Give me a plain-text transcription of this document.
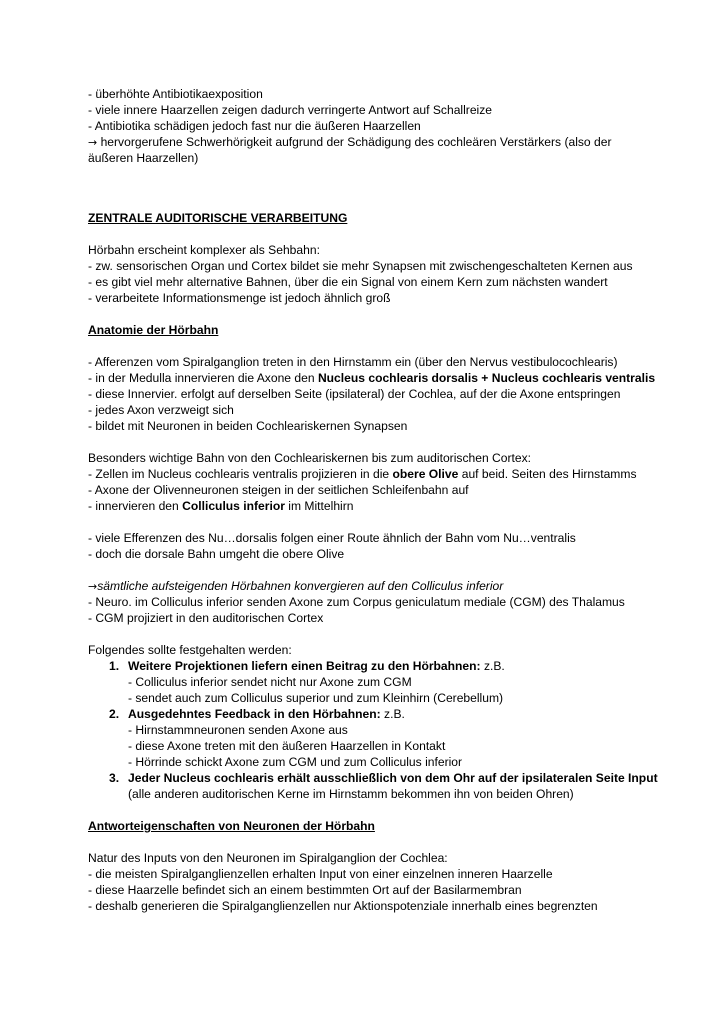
- überhöhte Antibiotikaexposition
- viele innere Haarzellen zeigen dadurch verringerte Antwort auf Schallreize
- Antibiotika schädigen jedoch fast nur die äußeren Haarzellen
→ hervorgerufene Schwerhörigkeit aufgrund der Schädigung des cochleären Verstärkers (also der
äußeren Haarzellen)
ZENTRALE AUDITORISCHE VERARBEITUNG
Hörbahn erscheint komplexer als Sehbahn:
- zw. sensorischen Organ und Cortex bildet sie mehr Synapsen mit zwischengeschalteten Kernen aus
- es gibt viel mehr alternative Bahnen, über die ein Signal von einem Kern zum nächsten wandert
- verarbeitete Informationsmenge ist jedoch ähnlich groß
Anatomie der Hörbahn
- Afferenzen vom Spiralganglion treten in den Hirnstamm ein (über den Nervus vestibulocochlearis)
- in der Medulla innervieren die Axone den Nucleus cochlearis dorsalis + Nucleus cochlearis ventralis
- diese Innervier. erfolgt auf derselben Seite (ipsilateral) der Cochlea, auf der die Axone entspringen
- jedes Axon verzweigt sich
- bildet mit Neuronen in beiden Cochleariskernen Synapsen
Besonders wichtige Bahn von den Cochleariskernen bis zum auditorischen Cortex:
- Zellen im Nucleus cochlearis ventralis projizieren in die obere Olive auf beid. Seiten des Hirnstamms
- Axone der Olivenneuronen steigen in der seitlichen Schleifenbahn auf
- innervieren den Colliculus inferior im Mittelhirn
- viele Efferenzen des Nu…dorsalis folgen einer Route ähnlich der Bahn vom Nu…ventralis
- doch die dorsale Bahn umgeht die obere Olive
→sämtliche aufsteigenden Hörbahnen konvergieren auf den Colliculus inferior
- Neuro. im Colliculus inferior senden Axone zum Corpus geniculatum mediale (CGM) des Thalamus
- CGM projiziert in den auditorischen Cortex
Folgendes sollte festgehalten werden:
1. Weitere Projektionen liefern einen Beitrag zu den Hörbahnen: z.B.
- Colliculus inferior sendet nicht nur Axone zum CGM
- sendet auch zum Colliculus superior und zum Kleinhirn (Cerebellum)
2. Ausgedehntes Feedback in den Hörbahnen: z.B.
- Hirnstammneuronen senden Axone aus
- diese Axone treten mit den äußeren Haarzellen in Kontakt
- Hörrinde schickt Axone zum CGM und zum Colliculus inferior
3. Jeder Nucleus cochlearis erhält ausschließlich von dem Ohr auf der ipsilateralen Seite Input
(alle anderen auditorischen Kerne im Hirnstamm bekommen ihn von beiden Ohren)
Antworteigenschaften von Neuronen der Hörbahn
Natur des Inputs von den Neuronen im Spiralganglion der Cochlea:
- die meisten Spiralganglienzellen erhalten Input von einer einzelnen inneren Haarzelle
- diese Haarzelle befindet sich an einem bestimmten Ort auf der Basilarmembran
- deshalb generieren die Spiralganglienzellen nur Aktionspotenziale innerhalb eines begrenzten
